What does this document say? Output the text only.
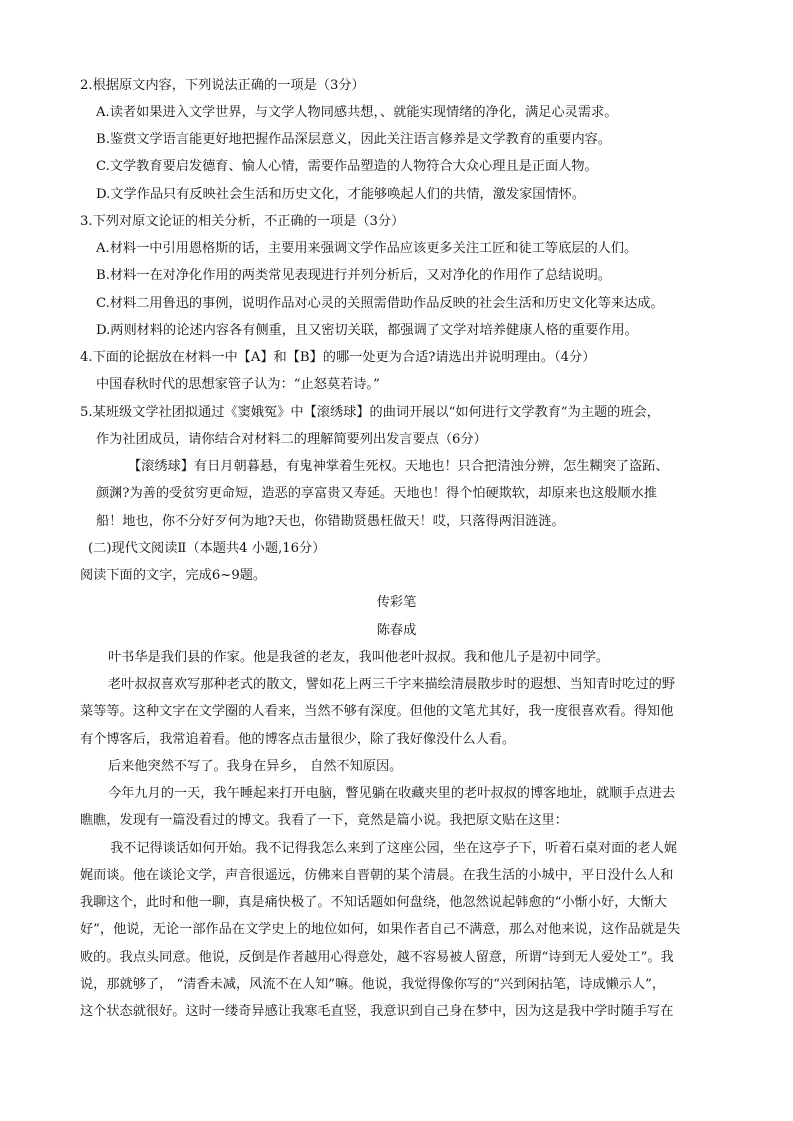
2.根据原文内容，下列说法正确的一项是（3分）
A.读者如果进入文学世界，与文学人物同感共想，、就能实现情绪的净化，满足心灵需求。
B.鉴赏文学语言能更好地把握作品深层意义，因此关注语言修养是文学教育的重要内容。
C.文学教育要启发德育、愉人心情，需要作品塑造的人物符合大众心理且是正面人物。
D.文学作品只有反映社会生活和历史文化，才能够唤起人们的共情，激发家国情怀。
3.下列对原文论证的相关分析，不正确的一项是（3分）
A.材料一中引用恩格斯的话，主要用来强调文学作品应该更多关注工匠和徒工等底层的人们。
B.材料一在对净化作用的两类常见表现进行并列分析后，又对净化的作用作了总结说明。
C.材料二用鲁迅的事例，说明作品对心灵的关照需借助作品反映的社会生活和历史文化等来达成。
D.两则材料的论述内容各有侧重，且又密切关联，都强调了文学对培养健康人格的重要作用。
4.下面的论据放在材料一中【A】和【B】的哪一处更为合适?请选出并说明理由。（4分）
中国春秋时代的思想家管子认为：“止怒莫若诗。”
5.某班级文学社团拟通过《窦娥冤》中【滚绣球】的曲词开展以“如何进行文学教育”为主题的班会，
作为社团成员，请你结合对材料二的理解简要列出发言要点（6分）
【滚绣球】有日月朝暮悬，有鬼神掌着生死权。天地也！只合把清浊分辨，怎生糊突了盗跖、
颜渊?为善的受贫穷更命短，造恶的享富贵又寿延。天地也！得个怕硬欺软，却原来也这般顺水推
船！地也，你不分好歹何为地?天也，你错勘贤愚枉做天！哎，只落得两泪涟涟。
(二)现代文阅读Ⅱ（本题共4 小题,16分）
阅读下面的文字，完成6~9题。
传彩笔
陈春成
叶书华是我们县的作家。他是我爸的老友，我叫他老叶叔叔。我和他儿子是初中同学。
老叶叔叔喜欢写那种老式的散文，譬如花上两三千字来描绘清晨散步时的遐想、当知青时吃过的野
菜等等。这种文字在文学圈的人看来，当然不够有深度。但他的文笔尤其好，我一度很喜欢看。得知他
有个博客后，我常追着看。他的博客点击量很少，除了我好像没什么人看。
后来他突然不写了。我身在异乡， 自然不知原因。
今年九月的一天，我午睡起来打开电脑，瞥见躺在收藏夹里的老叶叔叔的博客地址，就顺手点进去
瞧瞧，发现有一篇没看过的博文。我看了一下，竟然是篇小说。我把原文贴在这里：
我不记得谈话如何开始。我不记得我怎么来到了这座公园，坐在这亭子下，听着石桌对面的老人娓
娓而谈。他在谈论文学，声音很遥远，仿佛来自晋朝的某个清晨。在我生活的小城中，平日没什么人和
我聊这个，此时和他一聊，真是痛快极了。不知话题如何盘绕，他忽然说起韩愈的“小惭小好，大惭大
好”，他说，无论一部作品在文学史上的地位如何，如果作者自己不满意，那么对他来说，这作品就是失
败的。我点头同意。他说，反倒是作者越用心得意处，越不容易被人留意，所谓“诗到无人爱处工”。我
说，那就够了， “清香未减，风流不在人知”嘛。他说，我觉得像你写的“兴到闲拈笔，诗成懒示人”，
这个状态就很好。这时一缕奇异感让我寒毛直竖，我意识到自己身在梦中，因为这是我中学时随手写在
